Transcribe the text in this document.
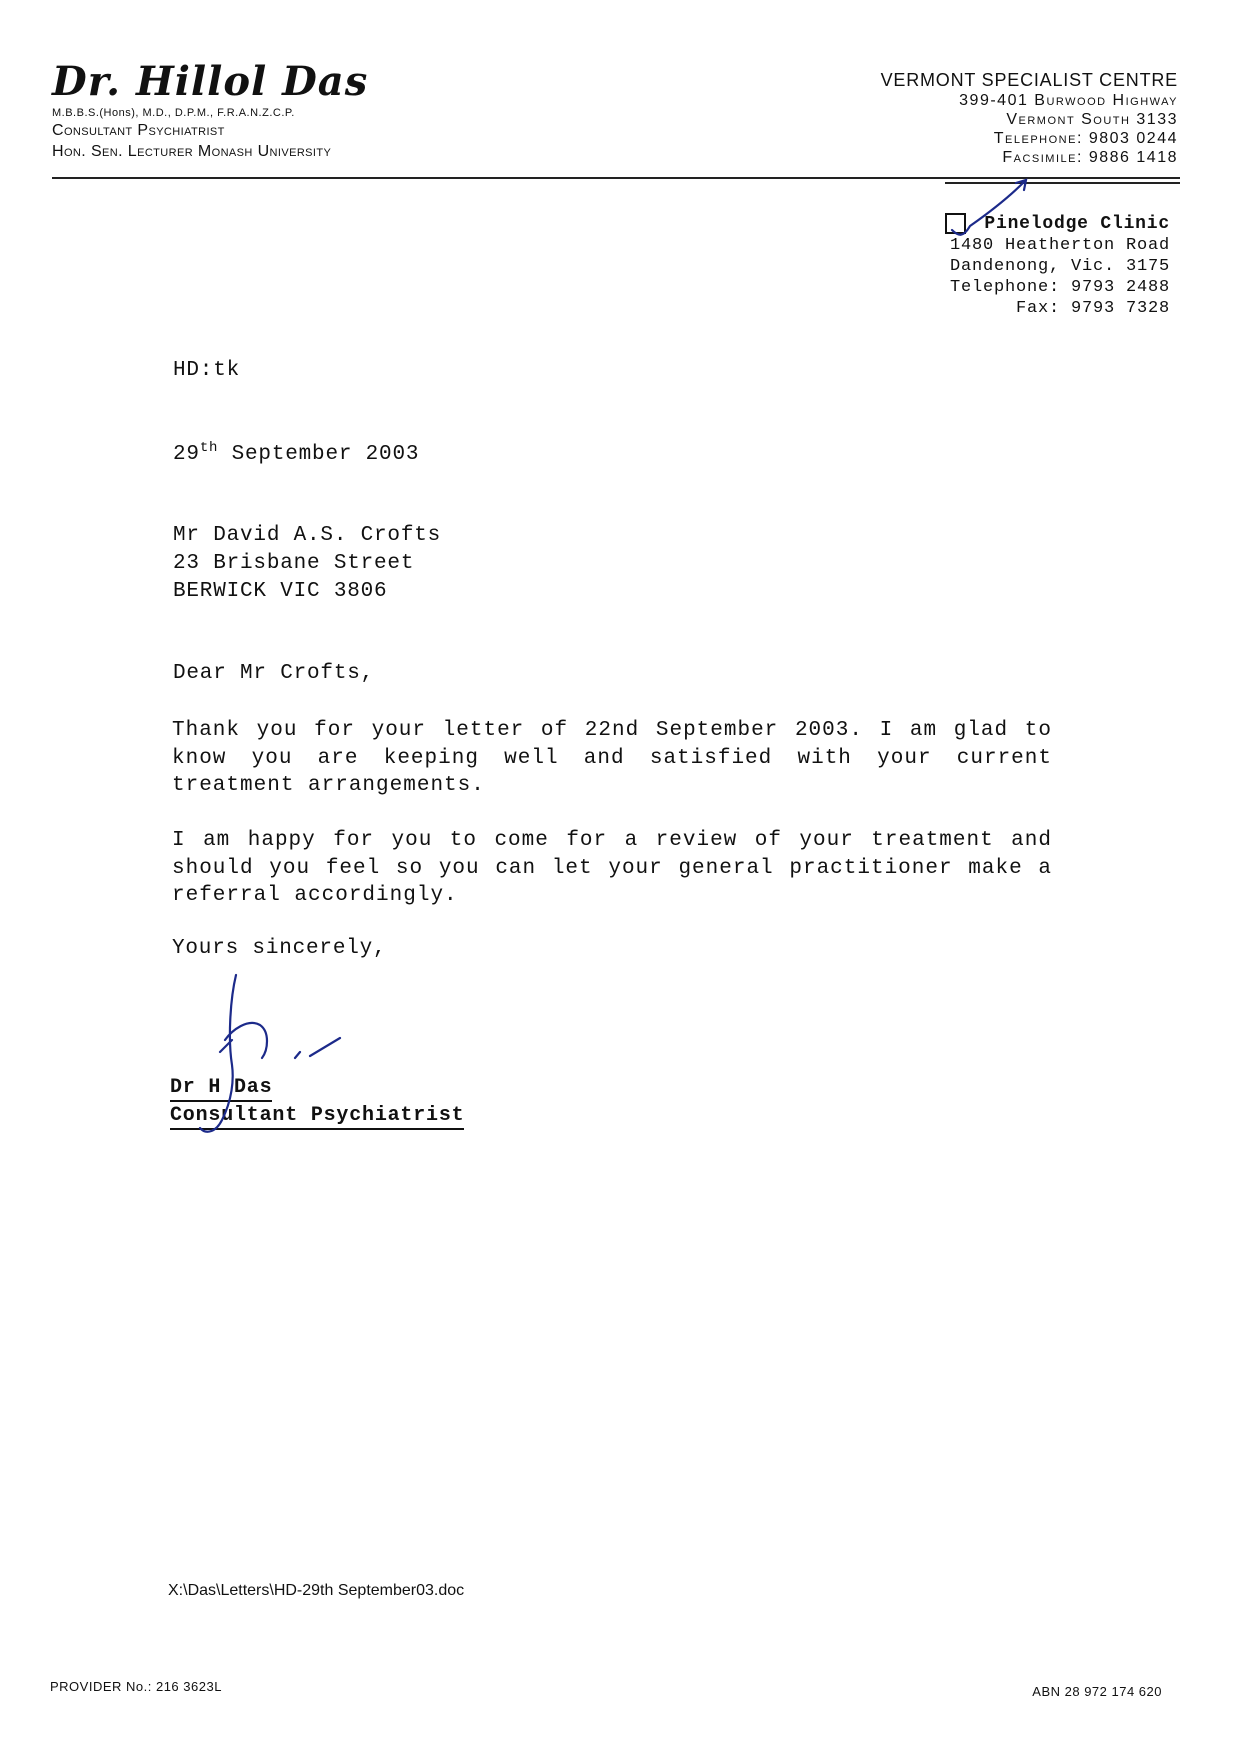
Dr. Hillol Das
M.B.B.S.(Hons), M.D., D.P.M., F.R.A.N.Z.C.P.
Consultant Psychiatrist
Hon. Sen. Lecturer Monash University
VERMONT SPECIALIST CENTRE
399-401 Burwood Highway
Vermont South 3133
Telephone: 9803 0244
Facsimile: 9886 1418
Pinelodge Clinic
1480 Heatherton Road
Dandenong, Vic. 3175
Telephone: 9793 2488
Fax: 9793 7328
HD:tk
29th September 2003
Mr David A.S. Crofts
23 Brisbane Street
BERWICK VIC 3806
Dear Mr Crofts,
Thank you for your letter of 22nd September 2003. I am glad to know you are keeping well and satisfied with your current treatment arrangements.
I am happy for you to come for a review of your treatment and should you feel so you can let your general practitioner make a referral accordingly.
Yours sincerely,
Dr H Das
Consultant Psychiatrist
X:\Das\Letters\HD-29th September03.doc
PROVIDER No.: 216 3623L	ABN 28 972 174 620
